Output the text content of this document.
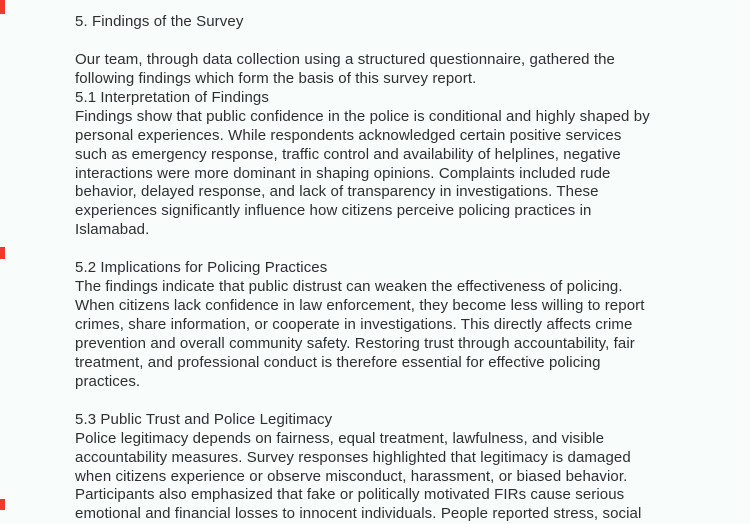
5. Findings of the Survey

Our team, through data collection using a structured questionnaire, gathered the
following findings which form the basis of this survey report.
5.1 Interpretation of Findings
Findings show that public confidence in the police is conditional and highly shaped by
personal experiences. While respondents acknowledged certain positive services
such as emergency response, traffic control and availability of helplines, negative
interactions were more dominant in shaping opinions. Complaints included rude
behavior, delayed response, and lack of transparency in investigations. These
experiences significantly influence how citizens perceive policing practices in
Islamabad.

5.2 Implications for Policing Practices
The findings indicate that public distrust can weaken the effectiveness of policing.
When citizens lack confidence in law enforcement, they become less willing to report
crimes, share information, or cooperate in investigations. This directly affects crime
prevention and overall community safety. Restoring trust through accountability, fair
treatment, and professional conduct is therefore essential for effective policing
practices.

5.3 Public Trust and Police Legitimacy
Police legitimacy depends on fairness, equal treatment, lawfulness, and visible
accountability measures. Survey responses highlighted that legitimacy is damaged
when citizens experience or observe misconduct, harassment, or biased behavior.
Participants also emphasized that fake or politically motivated FIRs cause serious
emotional and financial losses to innocent individuals. People reported stress, social
